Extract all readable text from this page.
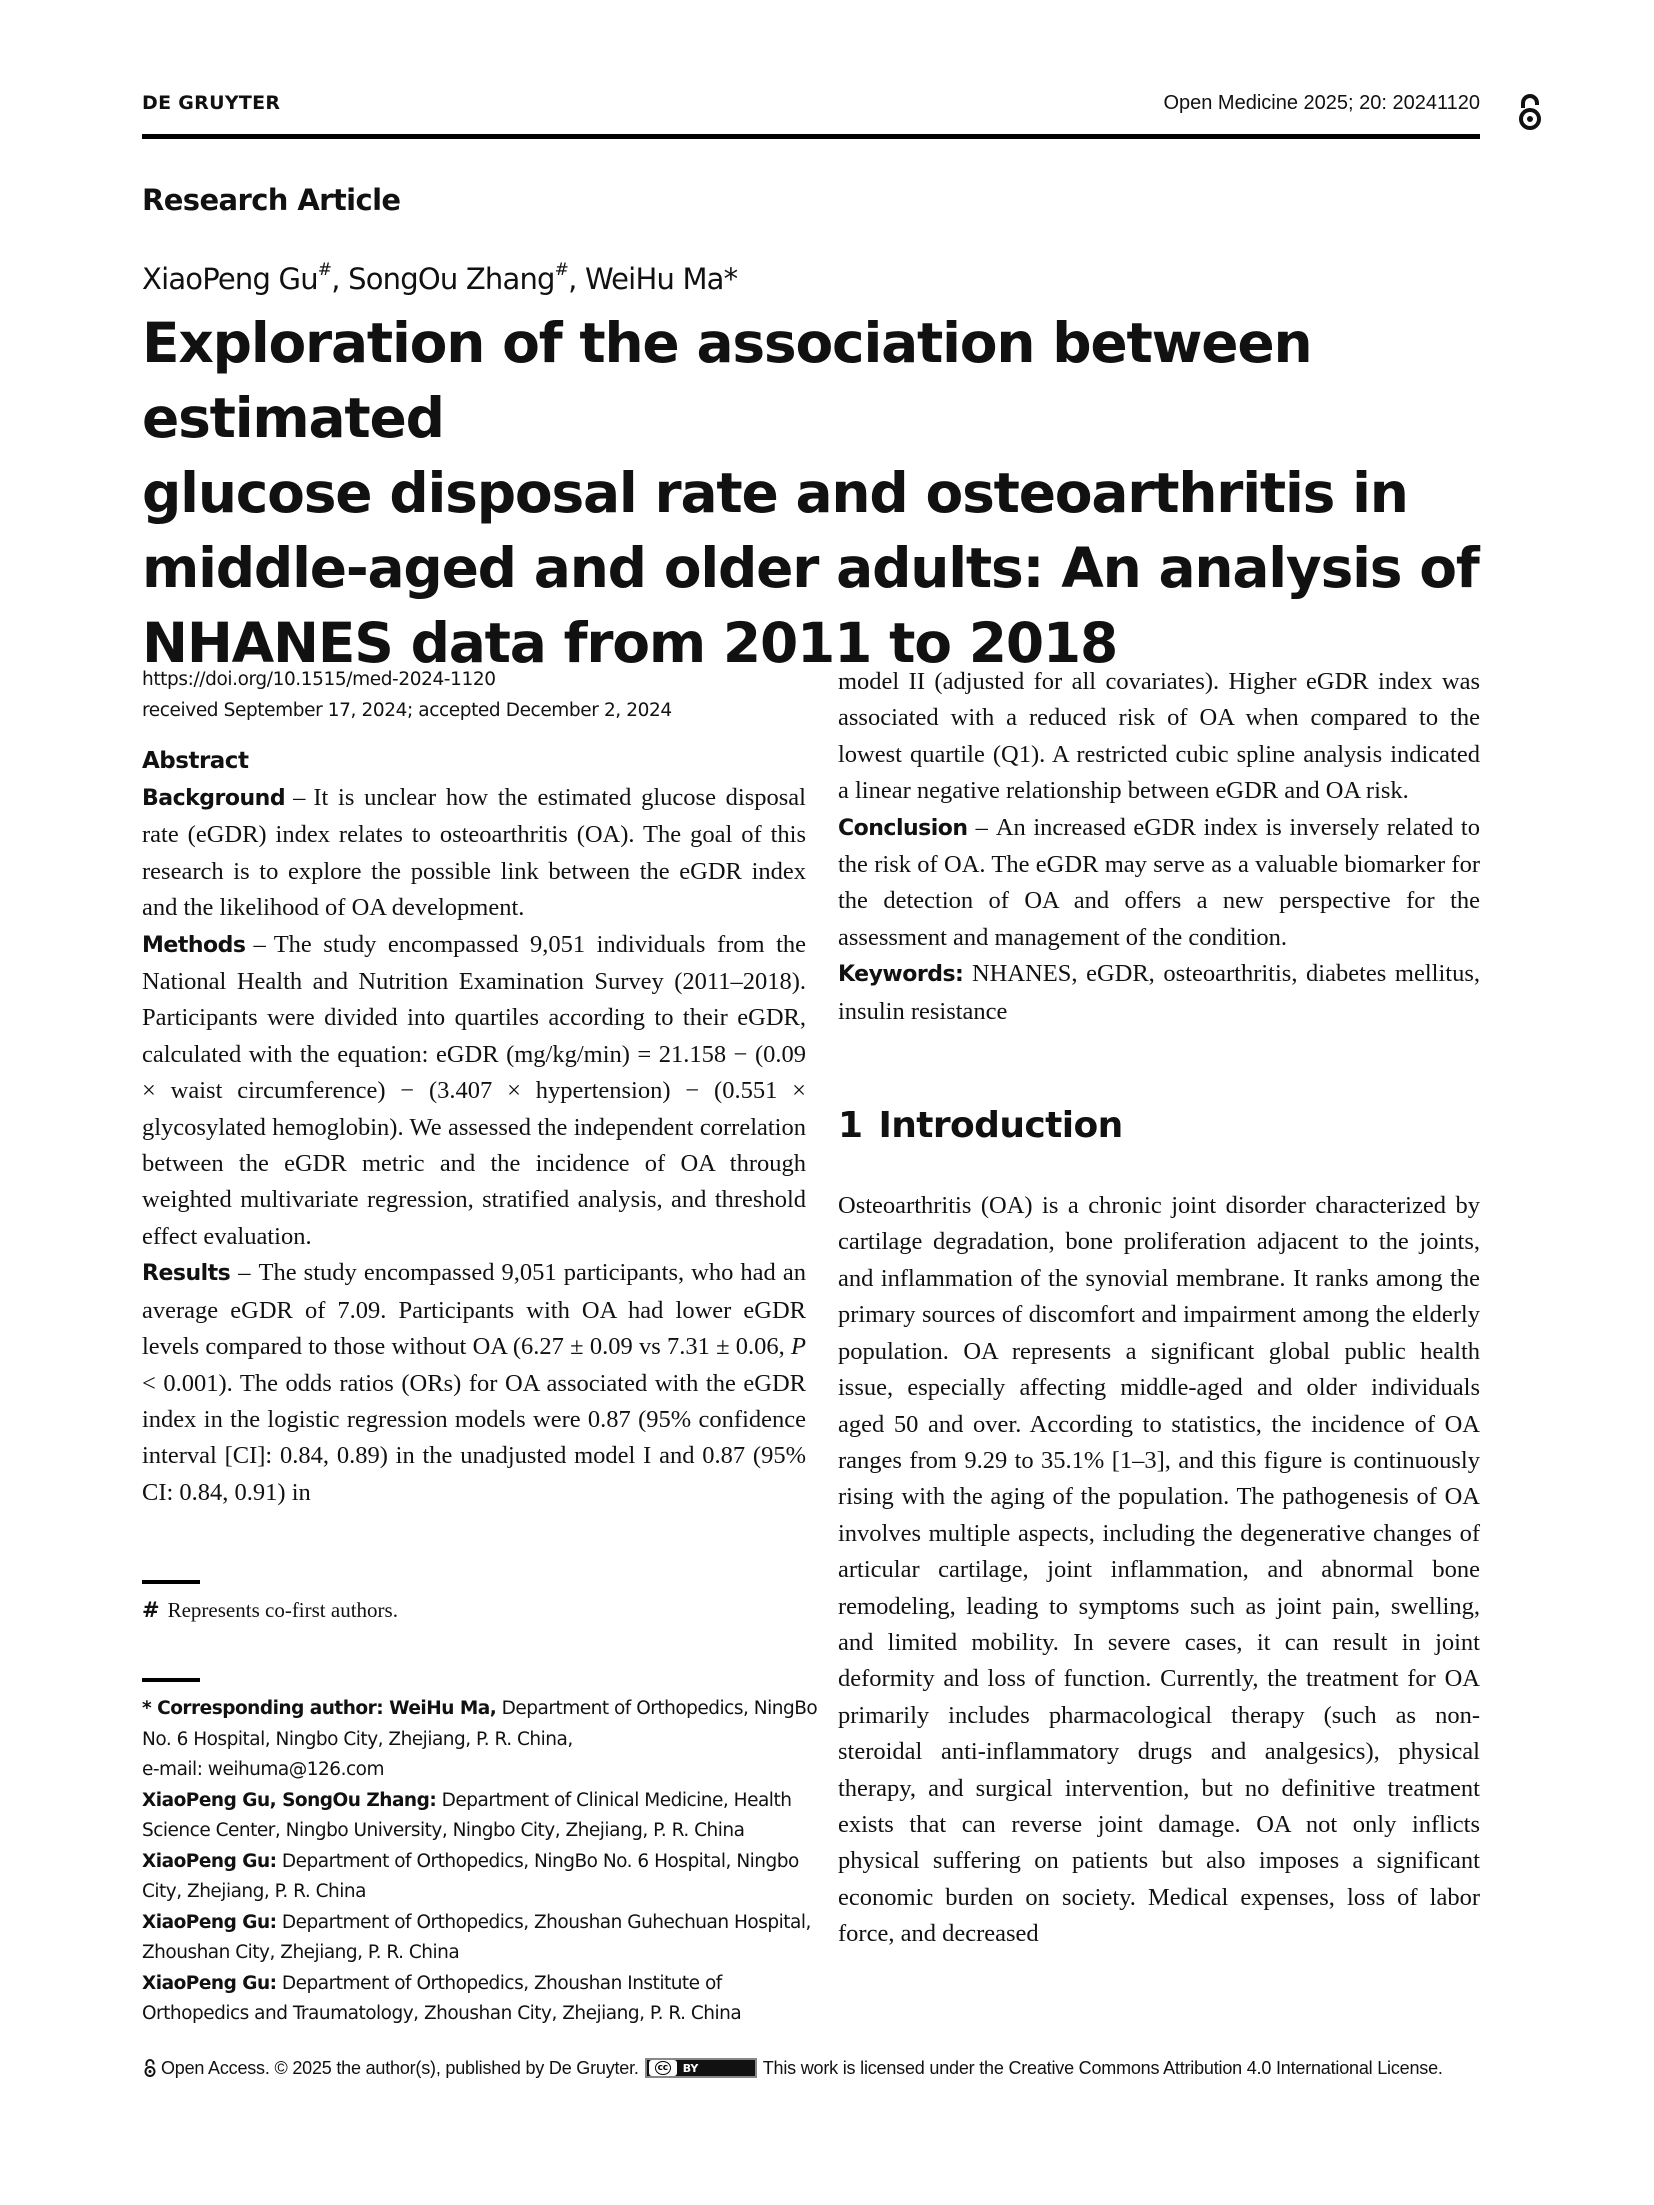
DE GRUYTER	Open Medicine 2025; 20: 20241120
Research Article
XiaoPeng Gu#, SongOu Zhang#, WeiHu Ma*
Exploration of the association between estimated
glucose disposal rate and osteoarthritis in
middle-aged and older adults: An analysis of
NHANES data from 2011 to 2018
https://doi.org/10.1515/med-2024-1120
received September 17, 2024; accepted December 2, 2024
Abstract

Background – It is unclear how the estimated glucose disposal rate (eGDR) index relates to osteoarthritis (OA). The goal of this research is to explore the possible link between the eGDR index and the likelihood of OA development.

Methods – The study encompassed 9,051 individuals from the National Health and Nutrition Examination Survey (2011–2018). Participants were divided into quartiles according to their eGDR, calculated with the equation: eGDR (mg/kg/min) = 21.158 − (0.09 × waist circumference) − (3.407 × hypertension) − (0.551 × glycosylated hemoglobin). We assessed the independent correlation between the eGDR metric and the incidence of OA through weighted multivariate regression, stratified analysis, and threshold effect evaluation.

Results – The study encompassed 9,051 participants, who had an average eGDR of 7.09. Participants with OA had lower eGDR levels compared to those without OA (6.27 ± 0.09 vs 7.31 ± 0.06, P < 0.001). The odds ratios (ORs) for OA associated with the eGDR index in the logistic regression models were 0.87 (95% confidence interval [CI]: 0.84, 0.89) in the unadjusted model I and 0.87 (95% CI: 0.84, 0.91) in

# Represents co-first authors.
* Corresponding author: WeiHu Ma, Department of Orthopedics, NingBo No. 6 Hospital, Ningbo City, Zhejiang, P. R. China,
e-mail: weihuma@126.com
XiaoPeng Gu, SongOu Zhang: Department of Clinical Medicine, Health Science Center, Ningbo University, Ningbo City, Zhejiang, P. R. China
XiaoPeng Gu: Department of Orthopedics, NingBo No. 6 Hospital, Ningbo City, Zhejiang, P. R. China
XiaoPeng Gu: Department of Orthopedics, Zhoushan Guhechuan Hospital, Zhoushan City, Zhejiang, P. R. China
XiaoPeng Gu: Department of Orthopedics, Zhoushan Institute of Orthopedics and Traumatology, Zhoushan City, Zhejiang, P. R. China

model II (adjusted for all covariates). Higher eGDR index was associated with a reduced risk of OA when compared to the lowest quartile (Q1). A restricted cubic spline analysis indicated a linear negative relationship between eGDR and OA risk.

Conclusion – An increased eGDR index is inversely related to the risk of OA. The eGDR may serve as a valuable biomarker for the detection of OA and offers a new perspective for the assessment and management of the condition.

Keywords: NHANES, eGDR, osteoarthritis, diabetes mellitus, insulin resistance

1 Introduction

Osteoarthritis (OA) is a chronic joint disorder characterized by cartilage degradation, bone proliferation adjacent to the joints, and inflammation of the synovial membrane. It ranks among the primary sources of discomfort and impairment among the elderly population. OA represents a significant global public health issue, especially affecting middle-aged and older individuals aged 50 and over. According to statistics, the incidence of OA ranges from 9.29 to 35.1% [1–3], and this figure is continuously rising with the aging of the population. The pathogenesis of OA involves multiple aspects, including the degenerative changes of articular cartilage, joint inflammation, and abnormal bone remodeling, leading to symptoms such as joint pain, swelling, and limited mobility. In severe cases, it can result in joint deformity and loss of function. Currently, the treatment for OA primarily includes pharmacological therapy (such as non-steroidal anti-inflammatory drugs and analgesics), physical therapy, and surgical intervention, but no definitive treatment exists that can reverse joint damage. OA not only inflicts physical suffering on patients but also imposes a significant economic burden on society. Medical expenses, loss of labor force, and decreased

Open Access. © 2025 the author(s), published by De Gruyter.	cc BY	This work is licensed under the Creative Commons Attribution 4.0 International License.
